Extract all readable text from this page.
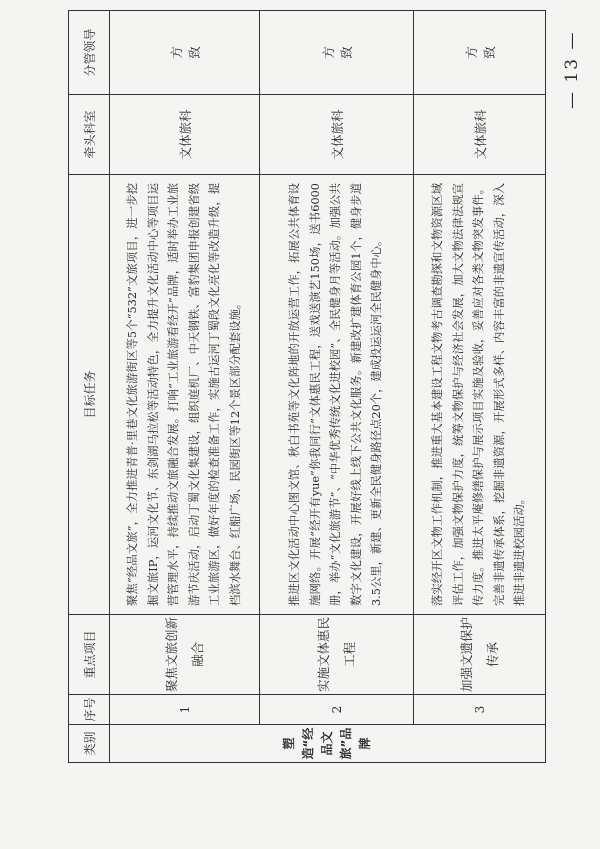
类别	序号	重点项目	目标任务	牵头科室	分管领导
塑造“经品文旅”品牌	1	聚焦文旅创新融合	聚焦“经品文旅”，全力推进青普·里巷文化旅游街区等5个“532”文旅项目，进一步挖掘文旅IP，运河文化节、东剑湖马拉松等活动特色，全力提升文化活动中心等项目运营管理水平，持续推动文旅融合发展。打响“工业旅游看经开”品牌，适时举办工业旅游节庆活动，启动丁蜀文化集建设，组织庭机厂、中天钢铁、富豹集团申报创建省级工业旅游区，做好年度的检查准备工作，实施古运河丁蜀段文化亮化等改造升级，提档滨水舞台、红船广场、民园街区等12个景区部分配套设施。	文体旅科	方 致
	2	实施文体惠民工程	推进区文化活动中心图文馆、秋白书苑等文化阵地的开放运营工作，拓展公共体育设施网络。开展“经开有yue”你我同行”文体惠民工程，送戏送演艺150场，送书6000册，举办“文化旅游节”、“中华优秀传统文化进校园”、全民健身月等活动。加强公共数字文化建设，开展好线上线下公共文化服务。新建改扩建体育公园1个，健身步道3.5公里，新建、更新全民健身路径点20个，建成投运运河全民健身中心。	文体旅科	方 致
	3	加强文遗保护传承	落实经开区文物工作机制，推进重大基本建设工程文物考古调查勘探和文物资源区域评估工作，加强文物保护力度，统筹文物保护与经济社会发展，加大文物法律法规宣传力度。推进太平庵修缮保护与展示项目实施及验收，妥善应对各类文物突发事件。完善非遗传承体系，挖掘非遗资源，开展形式多样、内容丰富的非遗宣传活动，深入推进非遗进校园活动。	文体旅科	方 致	— 13 —
